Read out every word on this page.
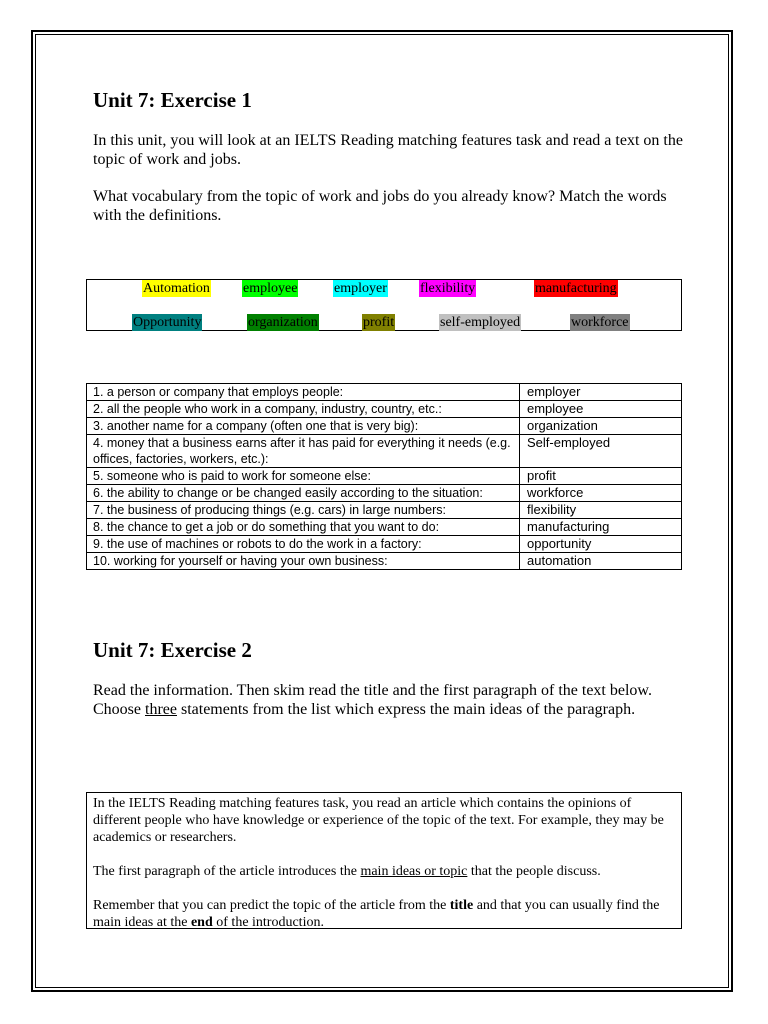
Unit 7: Exercise 1

In this unit, you will look at an IELTS Reading matching features task and read a text on the topic of work and jobs.

What vocabulary from the topic of work and jobs do you already know? Match the words with the definitions.

Automation employee	employer flexibility	manufacturing
Opportunity	organization	profit	self-employed	workforce
1. a person or company that employs people:	employer
2. all the people who work in a company, industry, country, etc.:	employee
3. another name for a company (often one that is very big):	organization
4. money that a business earns after it has paid for everything it needs (e.g. offices, factories, workers, etc.):	Self-employed
5. someone who is paid to work for someone else:	profit
6. the ability to change or be changed easily according to the situation:	workforce
7. the business of producing things (e.g. cars) in large numbers:	flexibility
8. the chance to get a job or do something that you want to do:	manufacturing
9. the use of machines or robots to do the work in a factory:	opportunity
10. working for yourself or having your own business:	automation
Unit 7: Exercise 2

Read the information. Then skim read the title and the first paragraph of the text below. Choose three statements from the list which express the main ideas of the paragraph.

In the IELTS Reading matching features task, you read an article which contains the opinions of different people who have knowledge or experience of the topic of the text. For example, they may be academics or researchers.

The first paragraph of the article introduces the main ideas or topic that the people discuss.

Remember that you can predict the topic of the article from the title and that you can usually find the main ideas at the end of the introduction.
